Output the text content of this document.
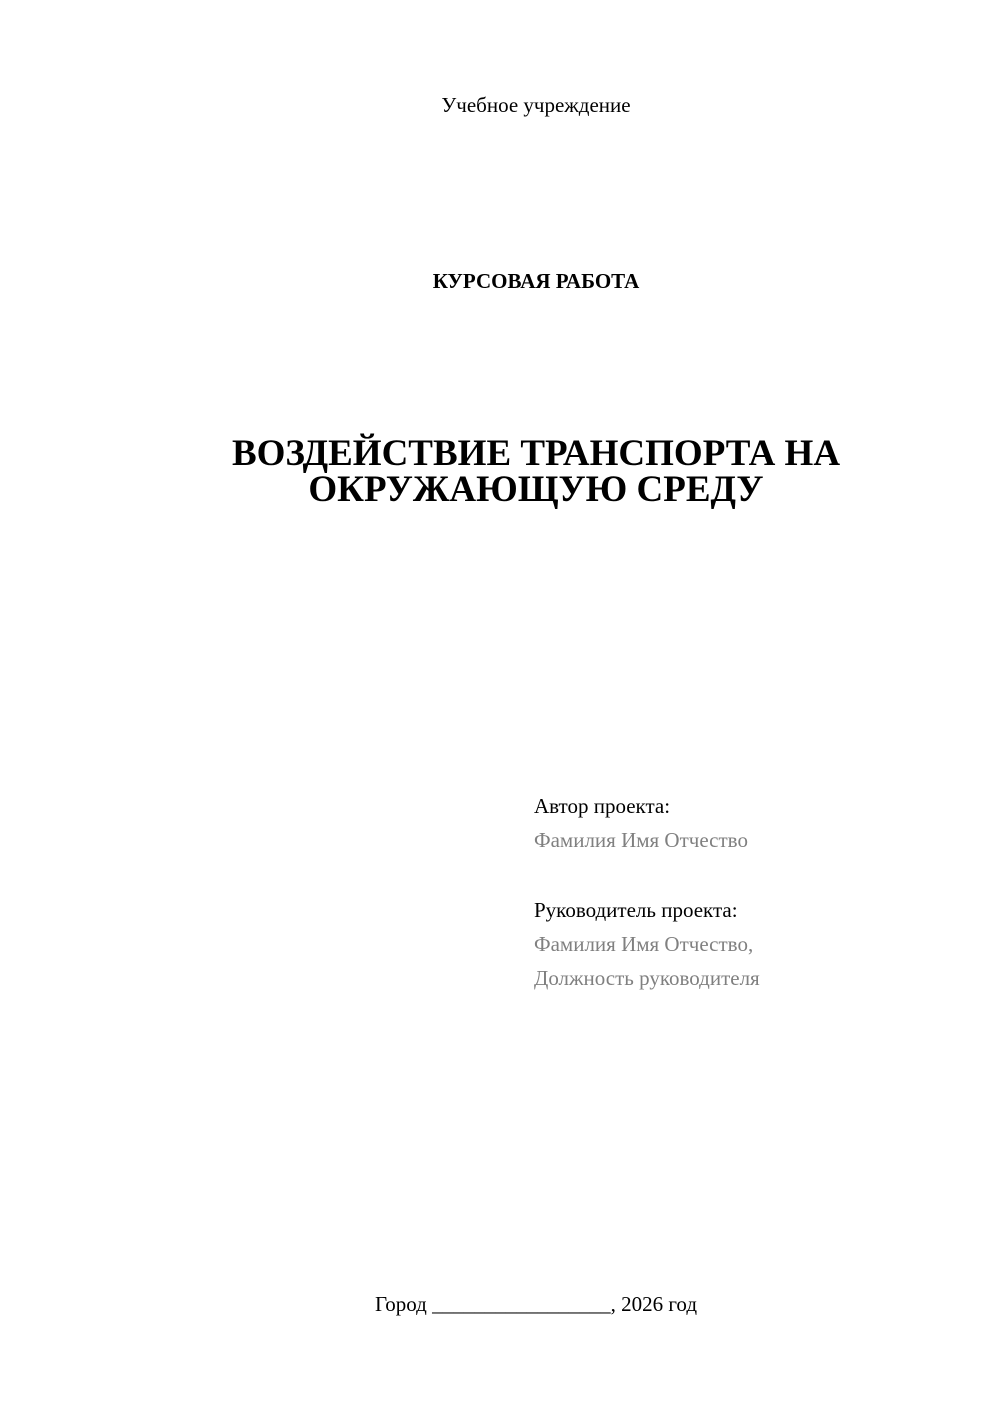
Учебное учреждение
КУРСОВАЯ РАБОТА
ВОЗДЕЙСТВИЕ ТРАНСПОРТА НА
ОКРУЖАЮЩУЮ СРЕДУ
Автор проекта:
Фамилия Имя Отчество
Руководитель проекта:
Фамилия Имя Отчество,
Должность руководителя
Город _________________, 2026 год
